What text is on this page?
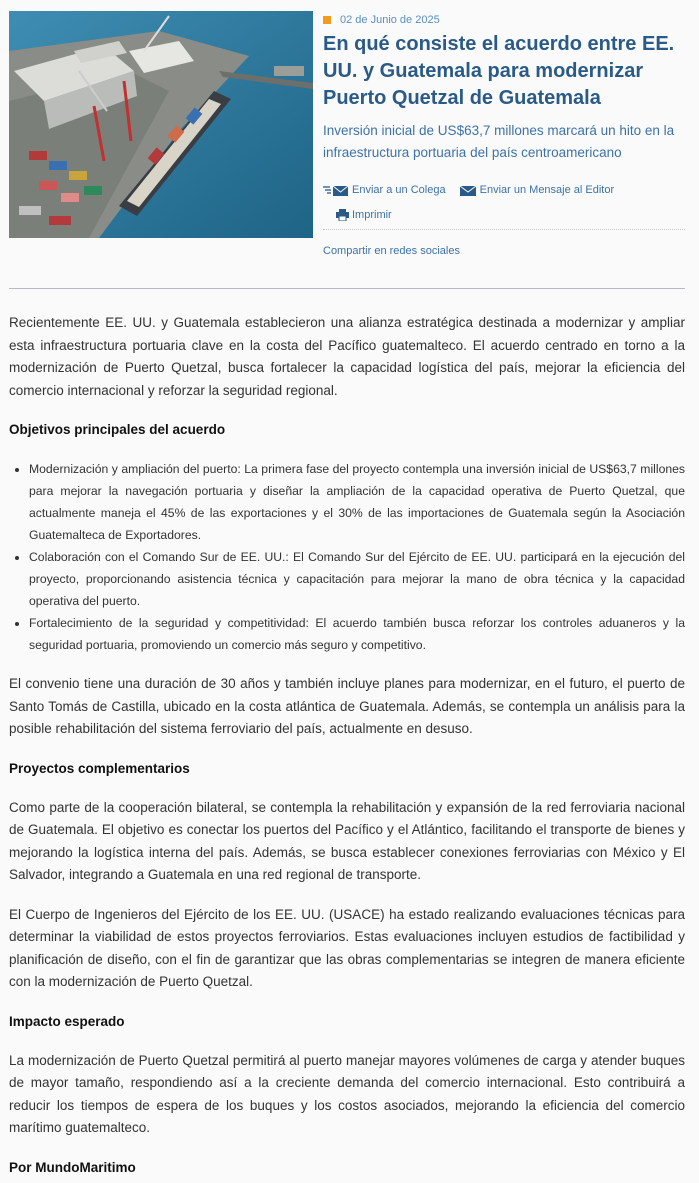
02 de Junio de 2025
En qué consiste el acuerdo entre EE. UU. y Guatemala para modernizar Puerto Quetzal de Guatemala
Inversión inicial de US$63,7 millones marcará un hito en la infraestructura portuaria del país centroamericano
Enviar a un Colega
	Enviar un Mensaje al Editor
Imprimir
Compartir en redes sociales

Recientemente EE. UU. y Guatemala establecieron una alianza estratégica destinada a modernizar y ampliar esta infraestructura portuaria clave en la costa del Pacífico guatemalteco. El acuerdo centrado en torno a la modernización de Puerto Quetzal, busca fortalecer la capacidad logística del país, mejorar la eficiencia del comercio internacional y reforzar la seguridad regional.

Objetivos principales del acuerdo
• Modernización y ampliación del puerto: La primera fase del proyecto contempla una inversión inicial de US$63,7 millones para mejorar la navegación portuaria y diseñar la ampliación de la capacidad operativa de Puerto Quetzal, que actualmente maneja el 45% de las exportaciones y el 30% de las importaciones de Guatemala según la Asociación Guatemalteca de Exportadores.
• Colaboración con el Comando Sur de EE. UU.: El Comando Sur del Ejército de EE. UU. participará en la ejecución del proyecto, proporcionando asistencia técnica y capacitación para mejorar la mano de obra técnica y la capacidad operativa del puerto.
• Fortalecimiento de la seguridad y competitividad: El acuerdo también busca reforzar los controles aduaneros y la seguridad portuaria, promoviendo un comercio más seguro y competitivo.

El convenio tiene una duración de 30 años y también incluye planes para modernizar, en el futuro, el puerto de Santo Tomás de Castilla, ubicado en la costa atlántica de Guatemala. Además, se contempla un análisis para la posible rehabilitación del sistema ferroviario del país, actualmente en desuso.

Proyectos complementarios

Como parte de la cooperación bilateral, se contempla la rehabilitación y expansión de la red ferroviaria nacional de Guatemala. El objetivo es conectar los puertos del Pacífico y el Atlántico, facilitando el transporte de bienes y mejorando la logística interna del país. Además, se busca establecer conexiones ferroviarias con México y El Salvador, integrando a Guatemala en una red regional de transporte.

El Cuerpo de Ingenieros del Ejército de los EE. UU. (USACE) ha estado realizando evaluaciones técnicas para determinar la viabilidad de estos proyectos ferroviarios. Estas evaluaciones incluyen estudios de factibilidad y planificación de diseño, con el fin de garantizar que las obras complementarias se integren de manera eficiente con la modernización de Puerto Quetzal.

Impacto esperado

La modernización de Puerto Quetzal permitirá al puerto manejar mayores volúmenes de carga y atender buques de mayor tamaño, respondiendo así a la creciente demanda del comercio internacional. Esto contribuirá a reducir los tiempos de espera de los buques y los costos asociados, mejorando la eficiencia del comercio marítimo guatemalteco.

Por MundoMaritimo
